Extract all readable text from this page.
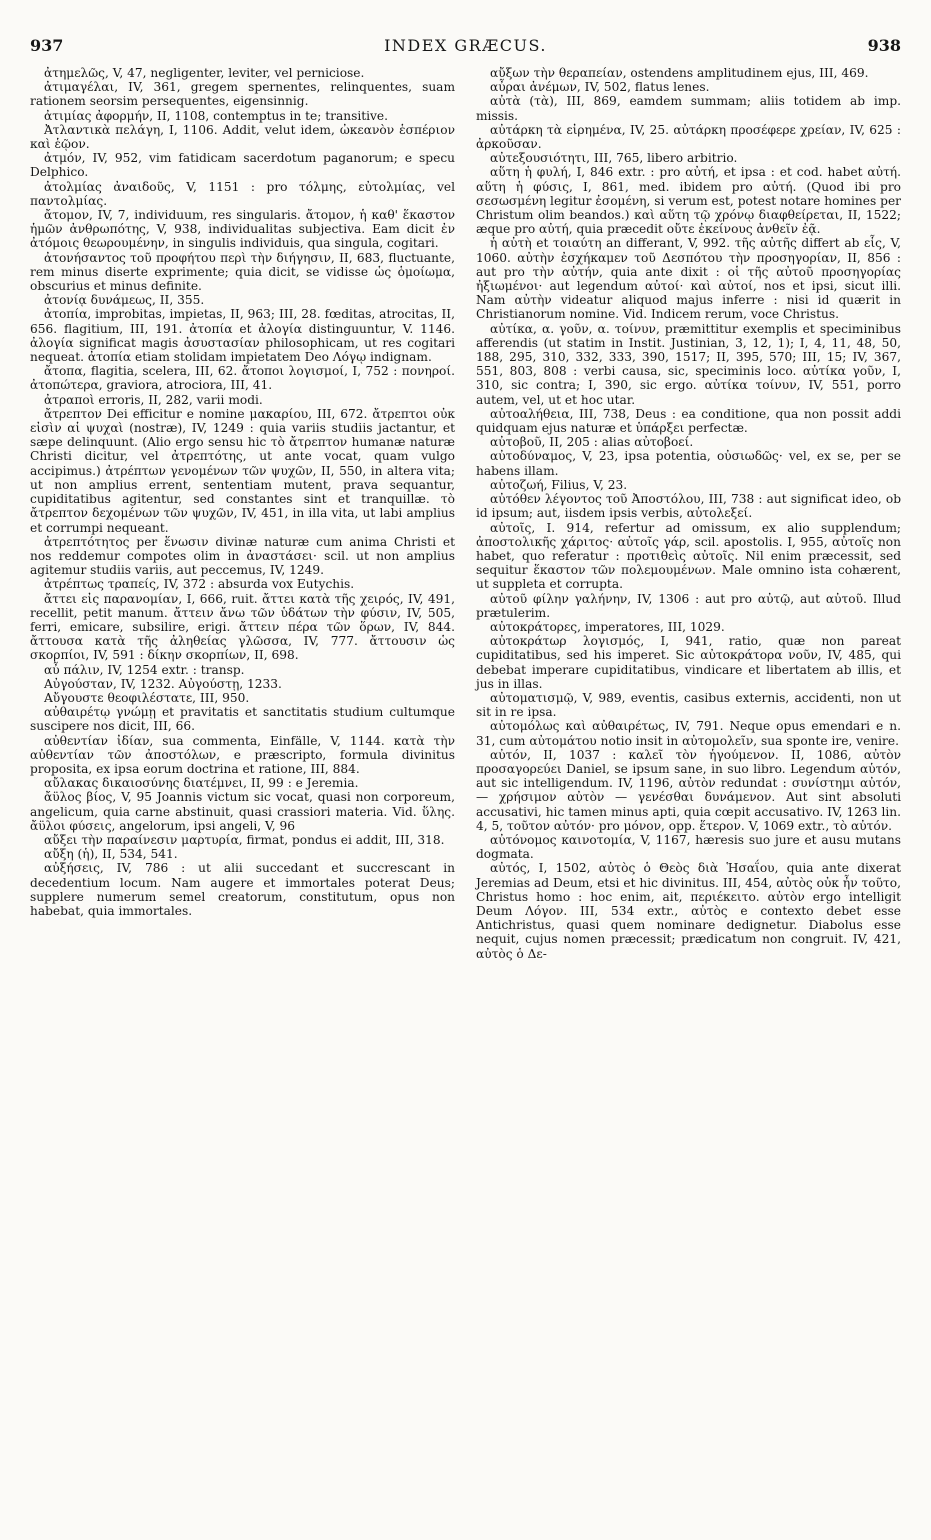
937	INDEX GRÆCUS.	938

ἀτημελῶς, V, 47, negligenter, leviter, vel perniciose.

ἀτιμαγέλαι, IV, 361, gregem spernentes, relinquentes, suam rationem seorsim persequentes, eigensinnig.

ἀτιμίας ἀφορμήν, II, 1108, contemptus in te; transitive.

Ἀτλαντικὰ πελάγη, I, 1106. Addit, velut idem, ὠκεανὸν ἑσπέριον καὶ ἑῷον.

ἀτμόν, IV, 952, vim fatidicam sacerdotum paganorum; e specu Delphico.

ἀτολμίας ἀναιδοῦς, V, 1151 : pro τόλμης, εὐτολμίας, vel παντολμίας.

ἄτομον, IV, 7, individuum, res singularis. ἄτομον, ἡ καθ' ἕκαστον ἡμῶν ἀνθρωπότης, V, 938, individualitas subjectiva. Eam dicit ἐν ἀτόμοις θεωρουμένην, in singulis individuis, qua singula, cogitari.

ἀτονήσαντος τοῦ προφήτου περὶ τὴν διήγησιν, II, 683, fluctuante, rem minus diserte exprimente; quia dicit, se vidisse ὡς ὁμοίωμα, obscurius et minus definite.

ἀτονίᾳ δυνάμεως, II, 355.

ἀτοπία, improbitas, impietas, II, 963; III, 28. fœditas, atrocitas, II, 656. flagitium, III, 191. ἀτοπία et ἀλογία distinguuntur, V. 1146. ἀλογία significat magis ἀσυστασίαν philosophicam, ut res cogitari nequeat. ἀτοπία etiam stolidam impietatem Deo Λόγῳ indignam.

ἄτοπα, flagitia, scelera, III, 62. ἄτοποι λογισμοί, I, 752 : πονηροί. ἀτοπώτερα, graviora, atrociora, III, 41.

ἀτραποὶ erroris, II, 282, varii modi.

ἄτρεπτον Dei efficitur e nomine μακαρίου, III, 672. ἄτρεπτοι οὐκ εἰσὶν αἱ ψυχαὶ (nostræ), IV, 1249 : quia variis studiis jactantur, et sæpe delinquunt. (Alio ergo sensu hic τὸ ἄτρεπτον humanæ naturæ Christi dicitur, vel ἀτρεπτότης, ut ante vocat, quam vulgo accipimus.) ἀτρέπτων γενομένων τῶν ψυχῶν, II, 550, in altera vita; ut non amplius errent, sententiam mutent, prava sequantur, cupiditatibus agitentur, sed constantes sint et tranquillæ. τὸ ἄτρεπτον δεχομένων τῶν ψυχῶν, IV, 451, in illa vita, ut labi amplius et corrumpi nequeant.

ἀτρεπτότητος per ἕνωσιν divinæ naturæ cum anima Christi et nos reddemur compotes olim in ἀναστάσει· scil. ut non amplius agitemur studiis variis, aut peccemus, IV, 1249.

ἀτρέπτως τραπείς, IV, 372 : absurda vox Eutychis.

ἄττει εἰς παρανομίαν, I, 666, ruit. ἄττει κατὰ τῆς χειρός, IV, 491, recellit, petit manum. ἄττειν ἄνω τῶν ὑδάτων τὴν φύσιν, IV, 505, ferri, emicare, subsilire, erigi. ἄττειν πέρα τῶν ὅρων, IV, 844. ἄττουσα κατὰ τῆς ἀληθείας γλῶσσα, IV, 777. ἄττουσιν ὡς σκορπίοι, IV, 591 : δίκην σκορπίων, II, 698.

αὖ πάλιν, IV, 1254 extr. : transp.

Αὐγούσταν, IV, 1232. Αὐγούστῃ, 1233.

Αὔγουστε θεοφιλέστατε, III, 950.

αὐθαιρέτῳ γνώμῃ et pravitatis et sanctitatis studium cultumque suscipere nos dicit, III, 66.

αὐθεντίαν ἰδίαν, sua commenta, Einfälle, V, 1144. κατὰ τὴν αὐθεντίαν τῶν ἀποστόλων, e præscripto, formula divinitus proposita, ex ipsa eorum doctrina et ratione, III, 884.

αὔλακας δικαιοσύνης διατέμνει, II, 99 : e Jeremia.

ἄϋλος βίος, V, 95 Joannis victum sic vocat, quasi non corporeum, angelicum, quia carne abstinuit, quasi crassiori materia. Vid. ὕλης. ἄϋλοι φύσεις, angelorum, ipsi angeli, V, 96

αὔξει τὴν παραίνεσιν μαρτυρία, firmat, pondus ei addit, III, 318.

αὔξη (ἡ), II, 534, 541.

αὐξήσεις, IV, 786 : ut alii succedant et succrescant in decedentium locum. Nam augere et immortales poterat Deus; supplere numerum semel creatorum, constitutum, opus non habebat, quia immortales.

αὔξων τὴν θεραπείαν, ostendens amplitudinem ejus, III, 469.

αὖραι ἀνέμων, IV, 502, flatus lenes.

αὐτὰ (τὰ), III, 869, eamdem summam; aliis totidem ab imp. missis.

αὐτάρκη τὰ εἰρημένα, IV, 25. αὐτάρκη προσέφερε χρείαν, IV, 625 : ἀρκοῦσαν.

αὐτεξουσιότητι, III, 765, libero arbitrio.

αὕτη ἡ φυλή, I, 846 extr. : pro αὐτή, et ipsa : et cod. habet αὐτή. αὕτη ἡ φύσις, I, 861, med. ibidem pro αὐτή. (Quod ibi pro σεσωσμένη legitur ἐσομένη, si verum est, potest notare homines per Christum olim beandos.) καὶ αὕτη τῷ χρόνῳ διαφθείρεται, II, 1522; æque pro αὐτή, quia præcedit οὔτε ἐκείνους ἀνθεῖν ἐᾷ.

ἡ αὐτὴ et τοιαύτη an differant, V, 992. τῆς αὐτῆς differt ab εἷς, V, 1060. αὐτὴν ἐσχήκαμεν τοῦ Δεσπότου τὴν προσηγορίαν, II, 856 : aut pro τὴν αὐτήν, quia ante dixit : οἱ τῆς αὐτοῦ προσηγορίας ἠξιωμένοι· aut legendum αὐτοί· καὶ αὐτοί, nos et ipsi, sicut illi. Nam αὐτὴν videatur aliquod majus inferre : nisi id quærit in Christianorum nomine. Vid. Indicem rerum, voce Christus.

αὐτίκα, α. γοῦν, α. τοίνυν, præmittitur exemplis et speciminibus afferendis (ut statim in Instit. Justinian, 3, 12, 1); I, 4, 11, 48, 50, 188, 295, 310, 332, 333, 390, 1517; II, 395, 570; III, 15; IV, 367, 551, 803, 808 : verbi causa, sic, speciminis loco. αὐτίκα γοῦν, I, 310, sic contra; I, 390, sic ergo. αὐτίκα τοίνυν, IV, 551, porro autem, vel, ut et hoc utar.

αὐτοαλήθεια, III, 738, Deus : ea conditione, qua non possit addi quidquam ejus naturæ et ὑπάρξει perfectæ.

αὐτοβοῦ, II, 205 : alias αὐτοβοεί.

αὐτοδύναμος, V, 23, ipsa potentia, οὐσιωδῶς· vel, ex se, per se habens illam.

αὐτοζωή, Filius, V, 23.

αὐτόθεν λέγοντος τοῦ Ἀποστόλου, III, 738 : aut significat ideo, ob id ipsum; aut, iisdem ipsis verbis, αὐτολεξεί.

αὐτοῖς, I. 914, refertur ad omissum, ex alio supplendum; ἀποστολικῆς χάριτος· αὐτοῖς γάρ, scil. apostolis. I, 955, αὐτοῖς non habet, quo referatur : προτιθεὶς αὐτοῖς. Nil enim præcessit, sed sequitur ἕκαστον τῶν πολεμουμένων. Male omnino ista cohærent, ut suppleta et corrupta.

αὐτοῦ φίλην γαλήνην, IV, 1306 : aut pro αὐτῷ, aut αὐτοῦ. Illud prætulerim.

αὐτοκράτορες, imperatores, III, 1029.

αὐτοκράτωρ λογισμός, I, 941, ratio, quæ non pareat cupiditatibus, sed his imperet. Sic αὐτοκράτορα νοῦν, IV, 485, qui debebat imperare cupiditatibus, vindicare et libertatem ab illis, et jus in illas.

αὐτοματισμῷ, V, 989, eventis, casibus externis, accidenti, non ut sit in re ipsa.

αὐτομόλως καὶ αὐθαιρέτως, IV, 791. Neque opus emendari e n. 31, cum αὐτομάτου notio insit in αὐτομολεῖν, sua sponte ire, venire.

αὐτόν, II, 1037 : καλεῖ τὸν ἡγούμενον. II, 1086, αὐτὸν προσαγορεύει Daniel, se ipsum sane, in suo libro. Legendum αὑτόν, aut sic intelligendum. IV, 1196, αὐτὸν redundat : συνίστημι αὐτόν, — χρήσιμον αὐτὸν — γενέσθαι δυνάμενον. Aut sint absoluti accusativi, hic tamen minus apti, quia cœpit accusativo. IV, 1263 lin. 4, 5, τοῦτον αὐτόν· pro μόνον, opp. ἕτερον. V, 1069 extr., τὸ αὐτόν.

αὐτόνομος καινοτομία, V, 1167, hæresis suo jure et ausu mutans dogmata.

αὐτός, I, 1502, αὐτὸς ὁ Θεὸς διὰ Ἡσαΐου, quia ante dixerat Jeremias ad Deum, etsi et hic divinitus. III, 454, αὐτὸς οὐκ ἦν τοῦτο, Christus homo : hoc enim, ait, περιέκειτο. αὐτὸν ergo intelligit Deum Λόγον. III, 534 extr., αὐτὸς e contexto debet esse Antichristus, quasi quem nominare dedignetur. Diabolus esse nequit, cujus nomen præcessit; prædicatum non congruit. IV, 421, αὐτὸς ὁ Δε-
